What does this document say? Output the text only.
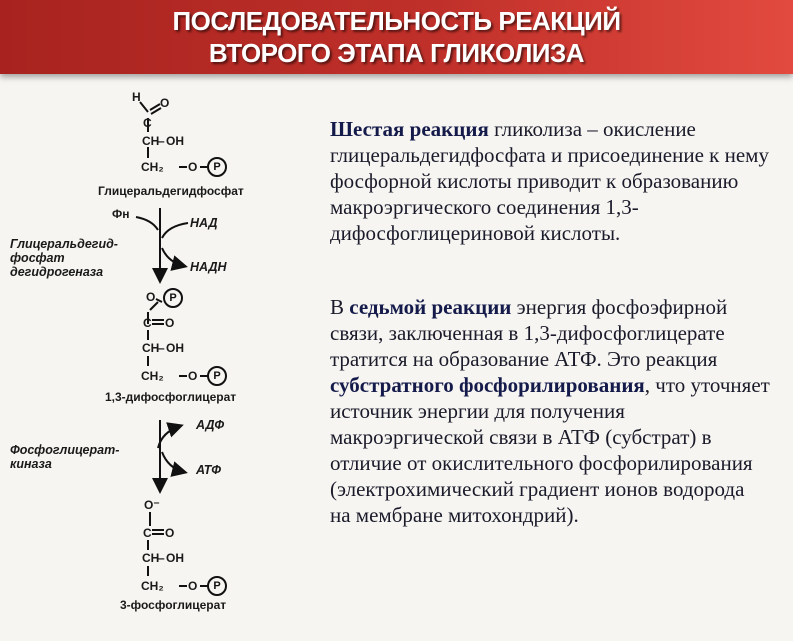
ПОСЛЕДОВАТЕЛЬНОСТЬ РЕАКЦИЙ
ВТОРОГО ЭТАПА ГЛИКОЛИЗА
H O
C
CH
– OH
CH₂ O	P
Глицеральдегидфосфат
Фн
НАД
НАДН
Глицеральдегид-
фосфат
дегидрогеназа
O	P
C O
CH
– OH
CH₂ O	P
1,3-дифосфоглицерат
АДФ
АТФ
Фосфоглицерат-
киназа
O⁻
C O
CH
– OH
CH₂ O	P
3-фосфоглицерат

Шестая реакция гликолиза – окисление глицеральдегидфосфата и присоединение к нему фосфорной кислоты приводит к образованию макроэргического соединения 1,3-дифосфоглицериновой кислоты.

В седьмой реакции энергия фосфоэфирной связи, заключенная в 1,3-дифосфоглицерате тратится на образование АТФ. Это реакция субстратного фосфорилирования, что уточняет источник энергии для получения макроэргической связи в АТФ (субстрат) в отличие от окислительного фосфорилирования (электрохимический градиент ионов водорода на мембране митохондрий).
